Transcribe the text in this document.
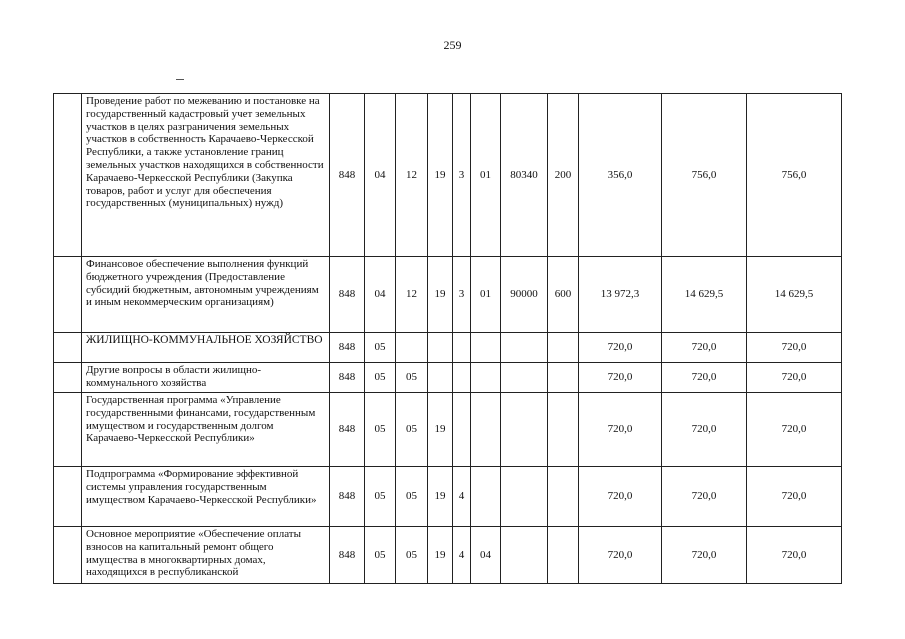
259
	Проведение работ по межеванию и постановке на государственный кадастровый учет земельных участков в целях разграничения земельных участков в собственность Карачаево-Черкесской Республики, а также установление границ земельных участков находящихся в собственности Карачаево-Черкесской Республики (Закупка товаров, работ и услуг для обеспечения государственных (муниципальных) нужд)	848	04	12	19	3	01	80340	200	356,0	756,0	756,0
	Финансовое обеспечение выполнения функций бюджетного учреждения (Предоставление субсидий бюджетным, автономным учреждениям и иным некоммерческим организациям)	848	04	12	19	3	01	90000	600	13 972,3	14 629,5	14 629,5
	ЖИЛИЩНО-КОММУНАЛЬНОЕ ХОЗЯЙСТВО	848	05							720,0	720,0	720,0
	Другие вопросы в области жилищно-коммунального хозяйства	848	05	05						720,0	720,0	720,0
	Государственная программа «Управление государственными финансами, государственным имуществом и государственным долгом Карачаево-Черкесской Республики»	848	05	05	19					720,0	720,0	720,0
	Подпрограмма «Формирование эффективной системы управления государственным имуществом Карачаево-Черкесской Республики»	848	05	05	19	4				720,0	720,0	720,0
	Основное мероприятие «Обеспечение оплаты взносов на капитальный ремонт общего имущества в многоквартирных домах, находящихся в республиканской	848	05	05	19	4	04			720,0	720,0	720,0
